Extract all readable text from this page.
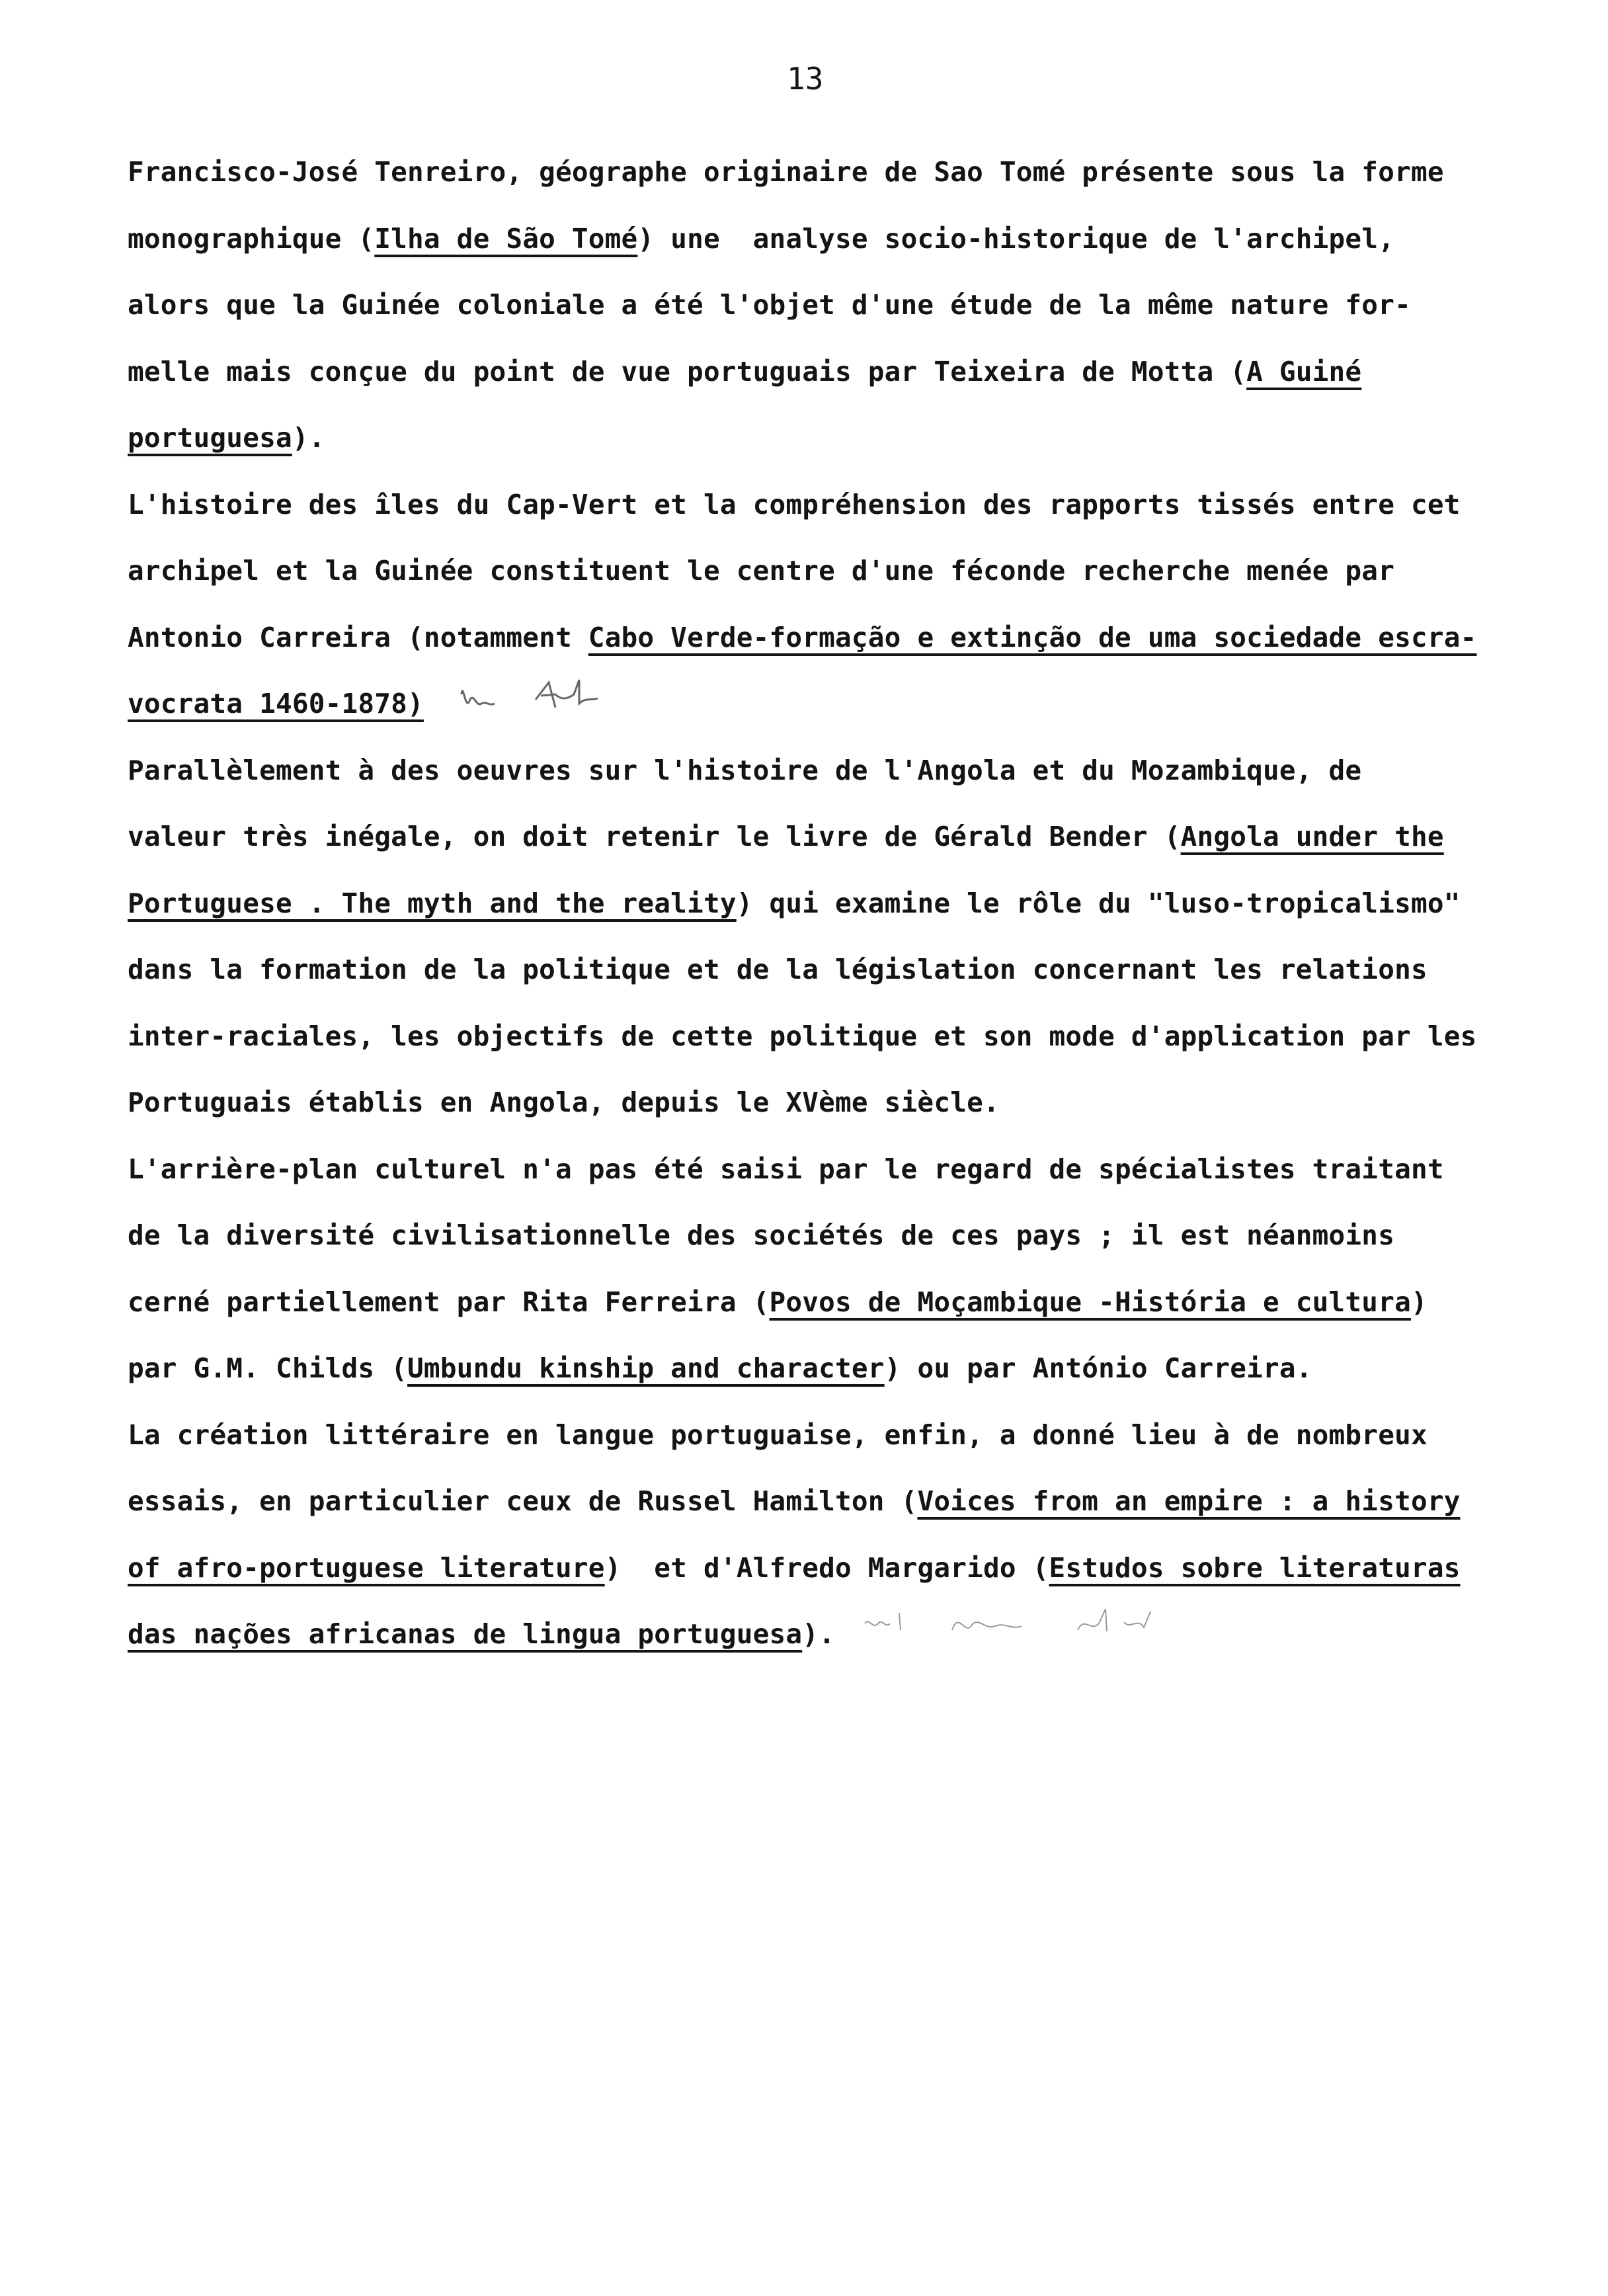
13
Francisco-José Tenreiro, géographe originaire de Sao Tomé présente sous la forme
monographique (Ilha de São Tomé) une  analyse socio-historique de l'archipel,
alors que la Guinée coloniale a été l'objet d'une étude de la même nature for-
melle mais conçue du point de vue portuguais par Teixeira de Motta (A Guiné
portuguesa).
L'histoire des îles du Cap-Vert et la compréhension des rapports tissés entre cet
archipel et la Guinée constituent le centre d'une féconde recherche menée par
Antonio Carreira (notamment Cabo Verde-formação e extinção de uma sociedade escra-
vocrata 1460-1878)
Parallèlement à des oeuvres sur l'histoire de l'Angola et du Mozambique, de
valeur très inégale, on doit retenir le livre de Gérald Bender (Angola under the
Portuguese . The myth and the reality) qui examine le rôle du "luso-tropicalismo"
dans la formation de la politique et de la législation concernant les relations
inter-raciales, les objectifs de cette politique et son mode d'application par les
Portuguais établis en Angola, depuis le XVème siècle.
L'arrière-plan culturel n'a pas été saisi par le regard de spécialistes traitant
de la diversité civilisationnelle des sociétés de ces pays ; il est néanmoins
cerné partiellement par Rita Ferreira (Povos de Moçambique -História e cultura)
par G.M. Childs (Umbundu kinship and character) ou par António Carreira.
La création littéraire en langue portuguaise, enfin, a donné lieu à de nombreux
essais, en particulier ceux de Russel Hamilton (Voices from an empire : a history
of afro-portuguese literature)  et d'Alfredo Margarido (Estudos sobre literaturas
das nações africanas de lingua portuguesa).
